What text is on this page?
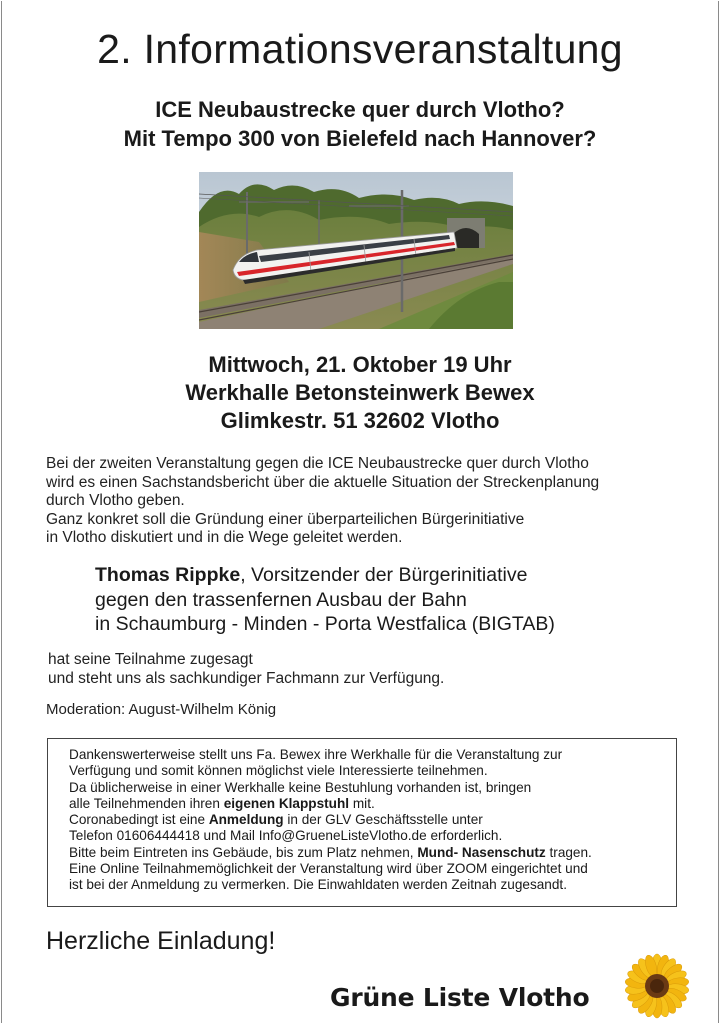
2. Informationsveranstaltung
ICE Neubaustrecke quer durch Vlotho?
Mit Tempo 300 von Bielefeld nach Hannover?
Mittwoch, 21. Oktober 19 Uhr
Werkhalle Betonsteinwerk Bewex
Glimkestr. 51 32602 Vlotho
Bei der zweiten Veranstaltung gegen die ICE Neubaustrecke quer durch Vlotho
wird es einen Sachstandsbericht über die aktuelle Situation der Streckenplanung
durch Vlotho geben.
Ganz konkret soll die Gründung einer überparteilichen Bürgerinitiative
in Vlotho diskutiert und in die Wege geleitet werden.
Thomas Rippke, Vorsitzender der Bürgerinitiative
gegen den trassenfernen Ausbau der Bahn
in Schaumburg - Minden - Porta Westfalica (BIGTAB)
hat seine Teilnahme zugesagt
und steht uns als sachkundiger Fachmann zur Verfügung.
Moderation: August-Wilhelm König
Dankenswerterweise stellt uns Fa. Bewex ihre Werkhalle für die Veranstaltung zur
Verfügung und somit können möglichst viele Interessierte teilnehmen.
Da üblicherweise in einer Werkhalle keine Bestuhlung vorhanden ist, bringen
alle Teilnehmenden ihren eigenen Klappstuhl mit.
Coronabedingt ist eine Anmeldung in der GLV Geschäftsstelle unter
Telefon 01606444418 und Mail Info@GrueneListeVlotho.de erforderlich.
Bitte beim Eintreten ins Gebäude, bis zum Platz nehmen, Mund- Nasenschutz tragen.
Eine Online Teilnahmemöglichkeit der Veranstaltung wird über ZOOM eingerichtet und
ist bei der Anmeldung zu vermerken. Die Einwahldaten werden Zeitnah zugesandt.
Herzliche Einladung!
Grüne Liste Vlotho
